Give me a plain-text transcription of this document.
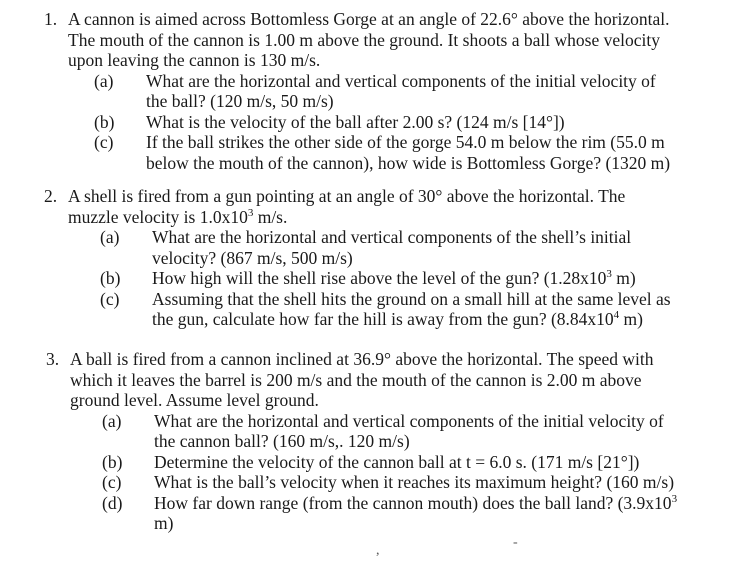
1. A cannon is aimed across Bottomless Gorge at an angle of 22.6° above the horizontal.
The mouth of the cannon is 1.00 m above the ground. It shoots a ball whose velocity
upon leaving the cannon is 130 m/s.
(a) What are the horizontal and vertical components of the initial velocity of
the ball? (120 m/s, 50 m/s)
(b) What is the velocity of the ball after 2.00 s? (124 m/s [14°])
(c) If the ball strikes the other side of the gorge 54.0 m below the rim (55.0 m
below the mouth of the cannon), how wide is Bottomless Gorge? (1320 m)
2. A shell is fired from a gun pointing at an angle of 30° above the horizontal. The
muzzle velocity is $1.0x10^3$ m/s.
(a) What are the horizontal and vertical components of the shell’s initial
velocity? (867 m/s, 500 m/s)
(b) How high will the shell rise above the level of the gun? ($1.28x10^3$ m)
(c) Assuming that the shell hits the ground on a small hill at the same level as
the gun, calculate how far the hill is away from the gun? ($8.84x10^4$ m)
3. A ball is fired from a cannon inclined at 36.9° above the horizontal. The speed with
which it leaves the barrel is 200 m/s and the mouth of the cannon is 2.00 m above
ground level. Assume level ground.
(a) What are the horizontal and vertical components of the initial velocity of
the cannon ball? (160 m/s,. 120 m/s)
(b) Determine the velocity of the cannon ball at t = 6.0 s. (171 m/s [21°])
(c) What is the ball’s velocity when it reaches its maximum height? (160 m/s)
(d) How far down range (from the cannon mouth) does the ball land? ($3.9x10^3$
m)
-
,
